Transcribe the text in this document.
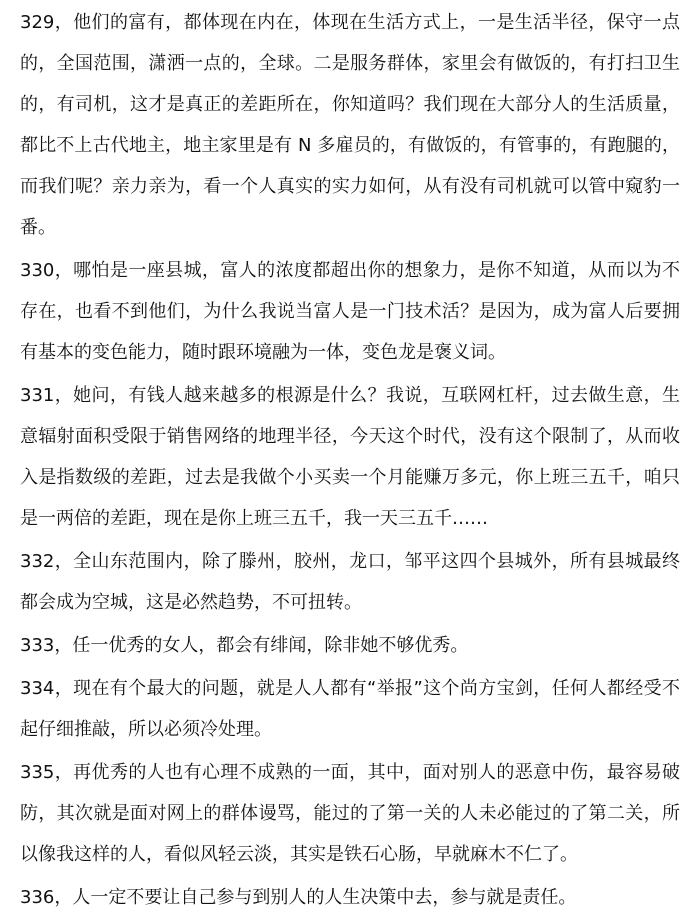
329，他们的富有，都体现在内在，体现在生活方式上，一是生活半径，保守一点的，全国范围，潇洒一点的，全球。二是服务群体，家里会有做饭的，有打扫卫生的，有司机，这才是真正的差距所在，你知道吗？我们现在大部分人的生活质量，都比不上古代地主，地主家里是有 N 多雇员的，有做饭的，有管事的，有跑腿的，而我们呢？亲力亲为，看一个人真实的实力如何，从有没有司机就可以管中窥豹一番。

330，哪怕是一座县城，富人的浓度都超出你的想象力，是你不知道，从而以为不存在，也看不到他们，为什么我说当富人是一门技术活？是因为，成为富人后要拥有基本的变色能力，随时跟环境融为一体，变色龙是褒义词。

331，她问，有钱人越来越多的根源是什么？我说，互联网杠杆，过去做生意，生意辐射面积受限于销售网络的地理半径，今天这个时代，没有这个限制了，从而收入是指数级的差距，过去是我做个小买卖一个月能赚万多元，你上班三五千，咱只是一两倍的差距，现在是你上班三五千，我一天三五千……

332，全山东范围内，除了滕州，胶州，龙口，邹平这四个县城外，所有县城最终都会成为空城，这是必然趋势，不可扭转。

333，任一优秀的女人，都会有绯闻，除非她不够优秀。

334，现在有个最大的问题，就是人人都有“举报”这个尚方宝剑，任何人都经受不起仔细推敲，所以必须冷处理。

335，再优秀的人也有心理不成熟的一面，其中，面对别人的恶意中伤，最容易破防，其次就是面对网上的群体谩骂，能过的了第一关的人未必能过的了第二关，所以像我这样的人，看似风轻云淡，其实是铁石心肠，早就麻木不仁了。

336，人一定不要让自己参与到别人的人生决策中去，参与就是责任。
